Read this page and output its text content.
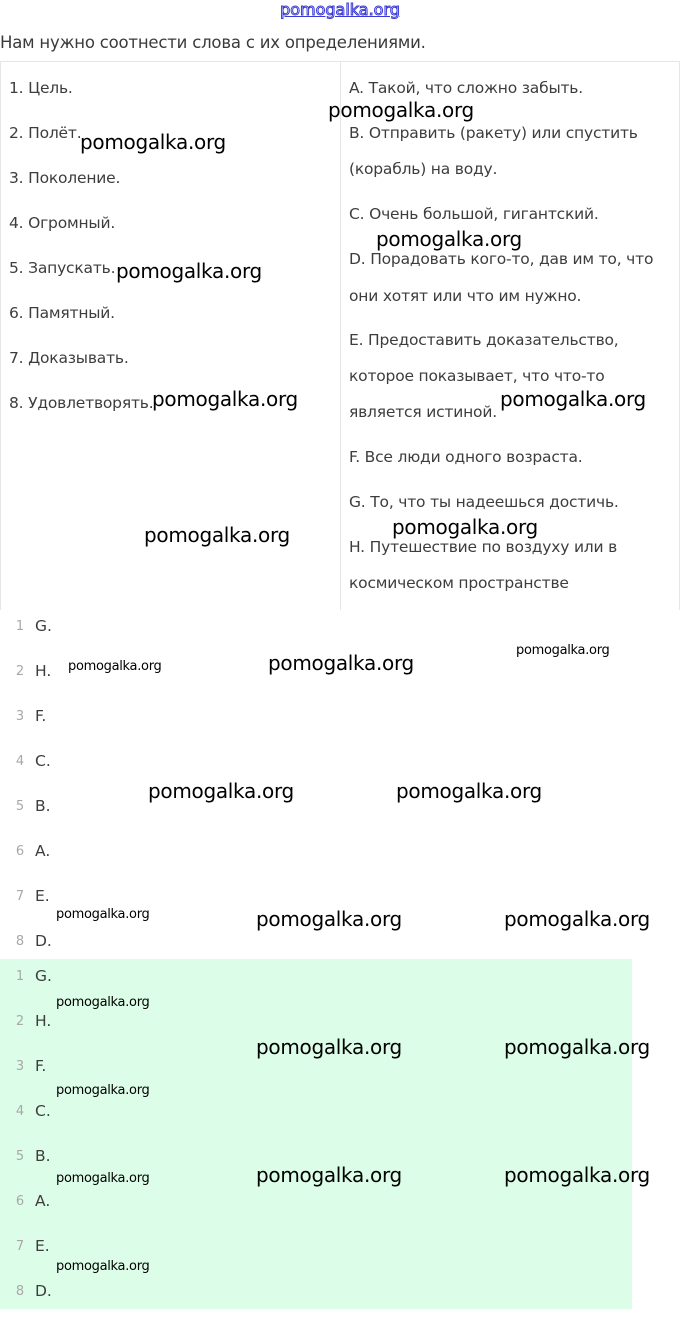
pomogalka.org
Нам нужно соотнести слова с их определениями.
1. Цель.
2. Полёт.
3. Поколение.
4. Огромный.
5. Запускать.
6. Памятный.
7. Доказывать.
8. Удовлетворять.
A. Такой, что сложно забыть.
B. Отправить (ракету) или спустить
(корабль) на воду.
C. Очень большой, гигантский.
D. Порадовать кого-то, дав им то, что
они хотят или что им нужно.
E. Предоставить доказательство,
которое показывает, что что-то
является истиной.
F. Все люди одного возраста.
G. То, что ты надеешься достичь.
H. Путешествие по воздуху или в
космическом пространстве
1 G.
2 H.
3 F.
4 C.
5 B.
6 A.
7 E.
8 D.
1 G.
2 H.
3 F.
4 C.
5 B.
6 A.
7 E.
8 D.
pomogalka.org
pomogalka.org
pomogalka.org
pomogalka.org
pomogalka.org	pomogalka.org
pomogalka.org
pomogalka.org
pomogalka.org
pomogalka.org
pomogalka.org
pomogalka.org	pomogalka.org
pomogalka.org	pomogalka.org	pomogalka.org
pomogalka.org
pomogalka.org	pomogalka.org
pomogalka.org
pomogalka.org	pomogalka.org	pomogalka.org
pomogalka.org
